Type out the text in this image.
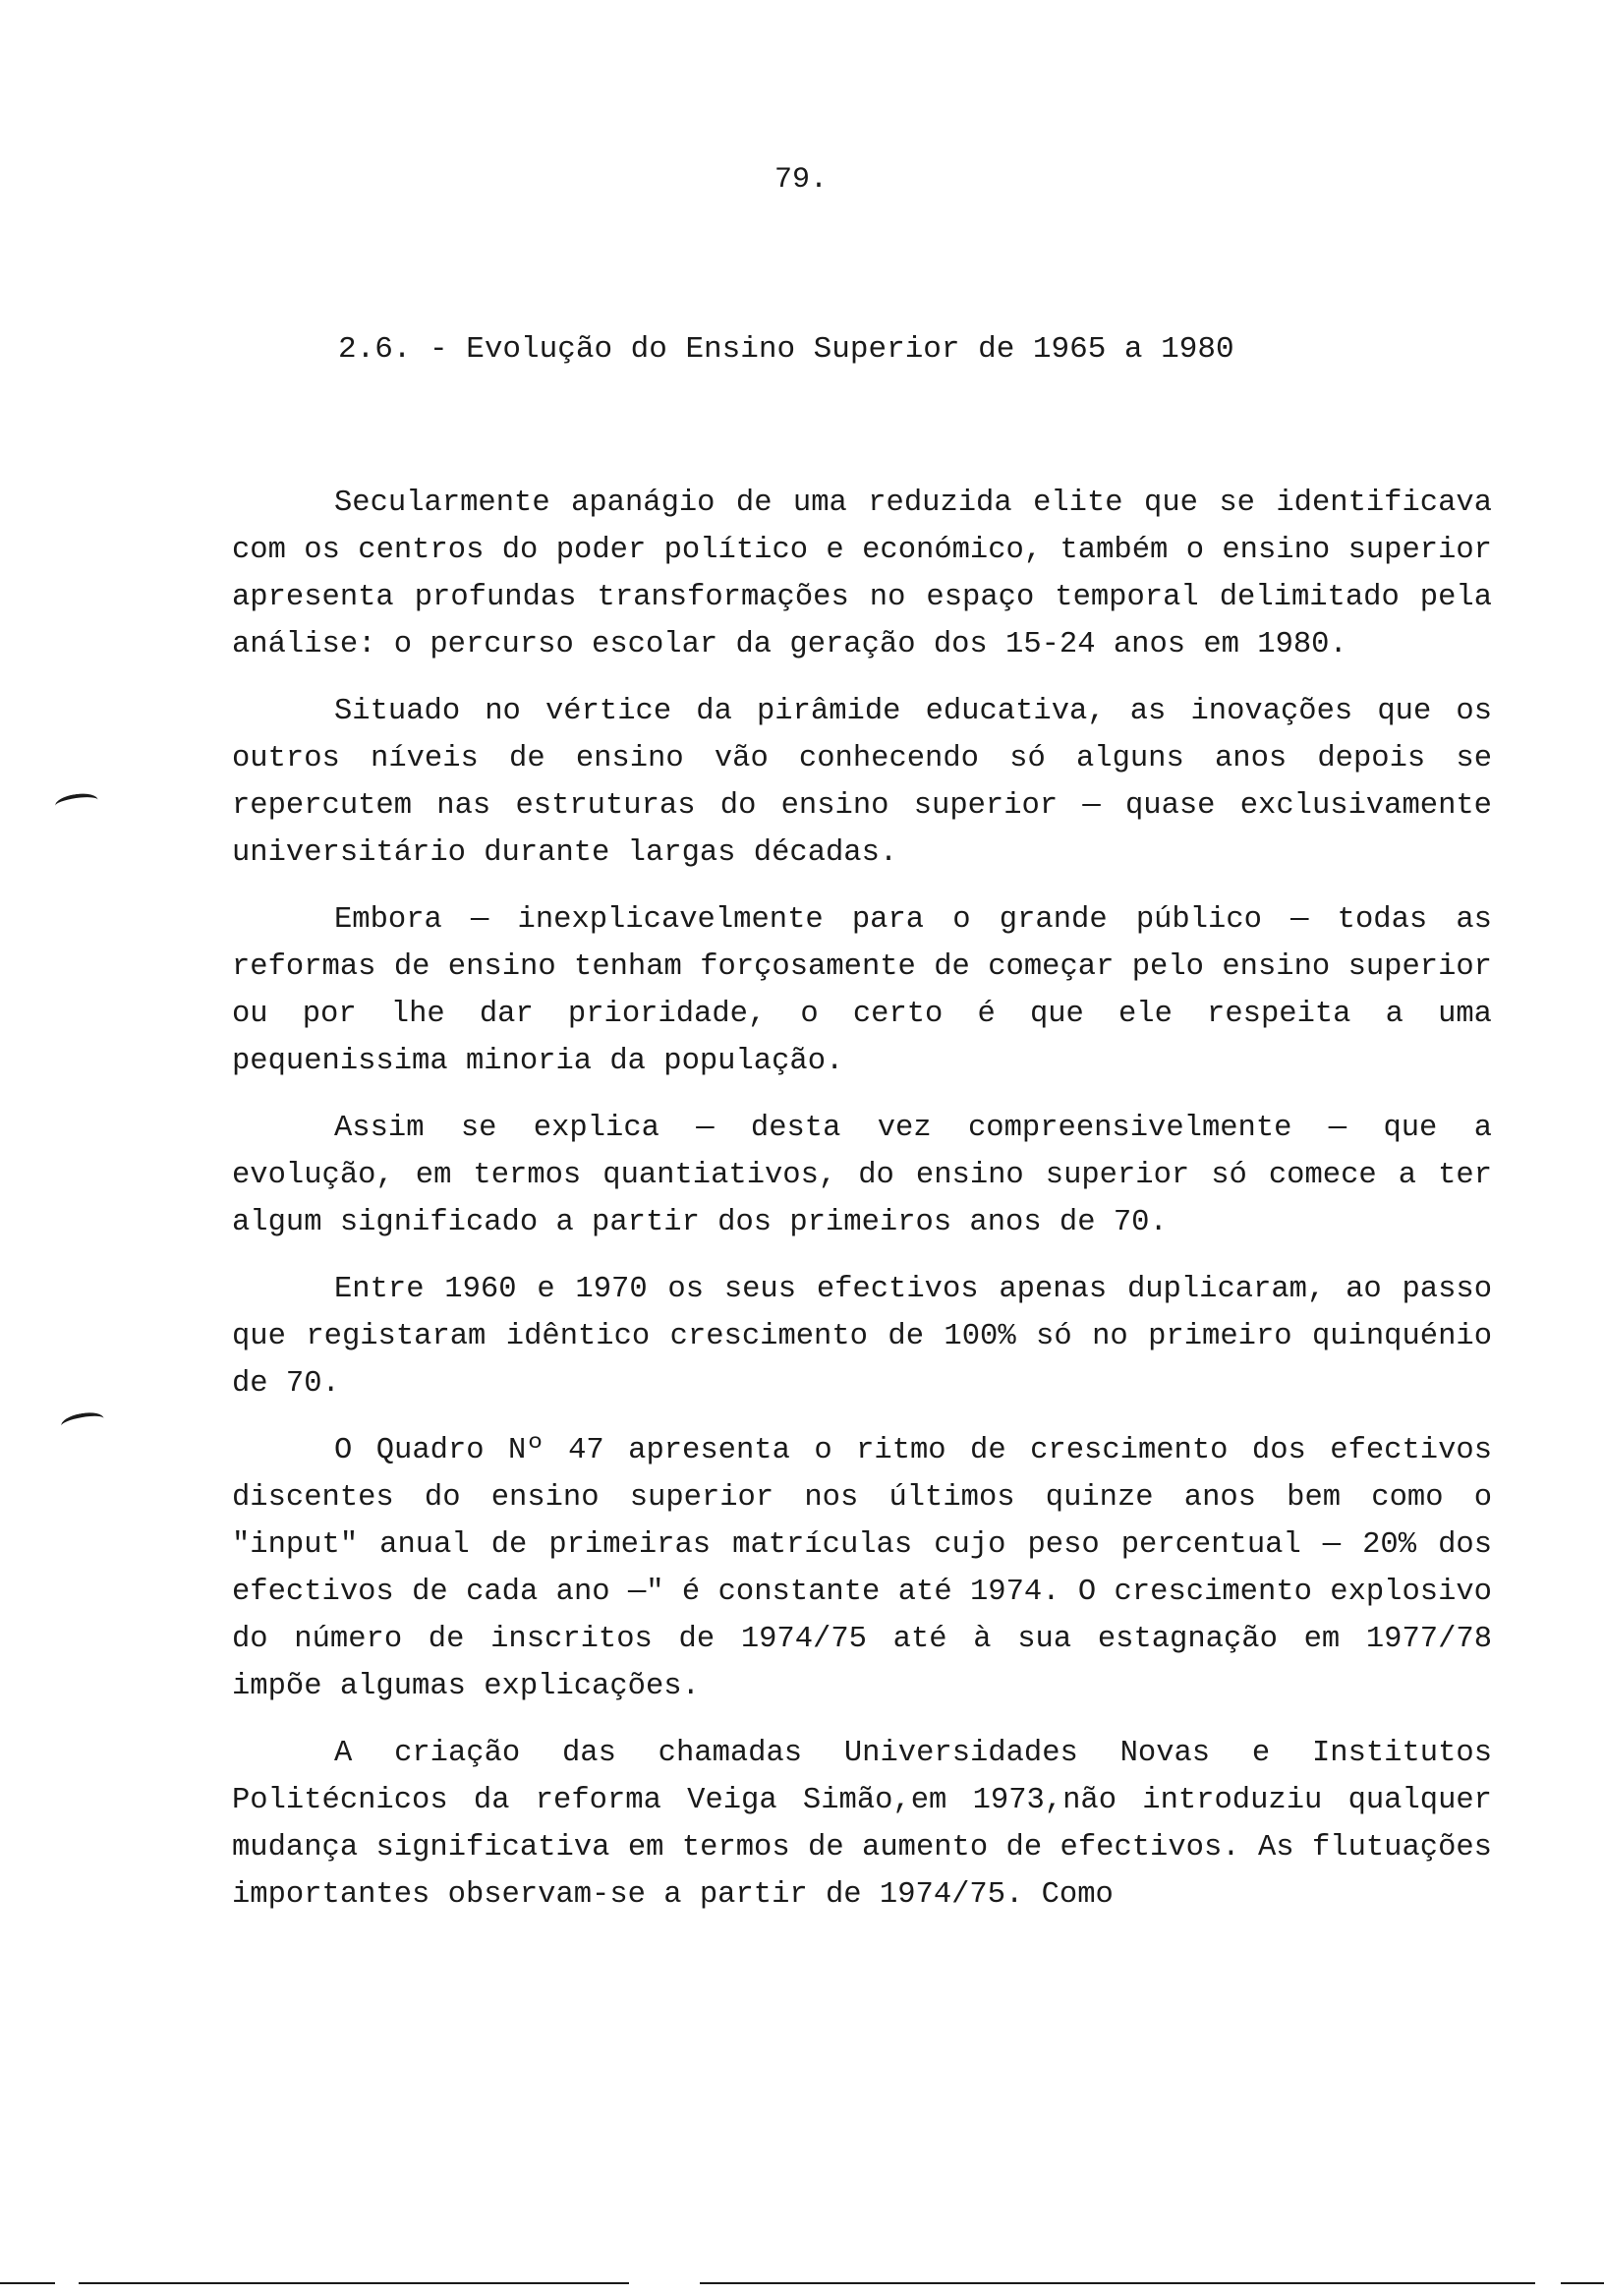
79.
2.6. - Evolução do Ensino Superior de 1965 a 1980

Secularmente apanágio de uma reduzida elite que se identificava com os centros do poder político e económico, também o ensino superior apresenta profundas transformações no espaço temporal delimitado pela análise: o percurso escolar da geração dos 15-24 anos em 1980.

Situado no vértice da pirâmide educativa, as inovações que os outros níveis de ensino vão conhecendo só alguns anos depois se repercutem nas estruturas do ensino superior — quase exclusivamente universitário durante largas décadas.

Embora — inexplicavelmente para o grande público — todas as reformas de ensino tenham forçosamente de começar pelo ensino superior ou por lhe dar prioridade, o certo é que ele respeita a uma pequenissima minoria da população.

Assim se explica — desta vez compreensivelmente — que a evolução, em termos quantiativos, do ensino superior só comece a ter algum significado a partir dos primeiros anos de 70.

Entre 1960 e 1970 os seus efectivos apenas duplicaram, ao passo que registaram idêntico crescimento de 100% só no primeiro quinquénio de 70.

O Quadro Nº 47 apresenta o ritmo de crescimento dos efectivos discentes do ensino superior nos últimos quinze anos bem como o "input" anual de primeiras matrículas cujo peso percentual — 20% dos efectivos de cada ano —" é constante até 1974. O crescimento explosivo do número de inscritos de 1974/75 até à sua estagnação em 1977/78 impõe algumas explicações.

A criação das chamadas Universidades Novas e Institutos Politécnicos da reforma Veiga Simão,em 1973,não introduziu qualquer mudança significativa em termos de aumento de efectivos. As flutuações importantes observam-se a partir de 1974/75. Como
